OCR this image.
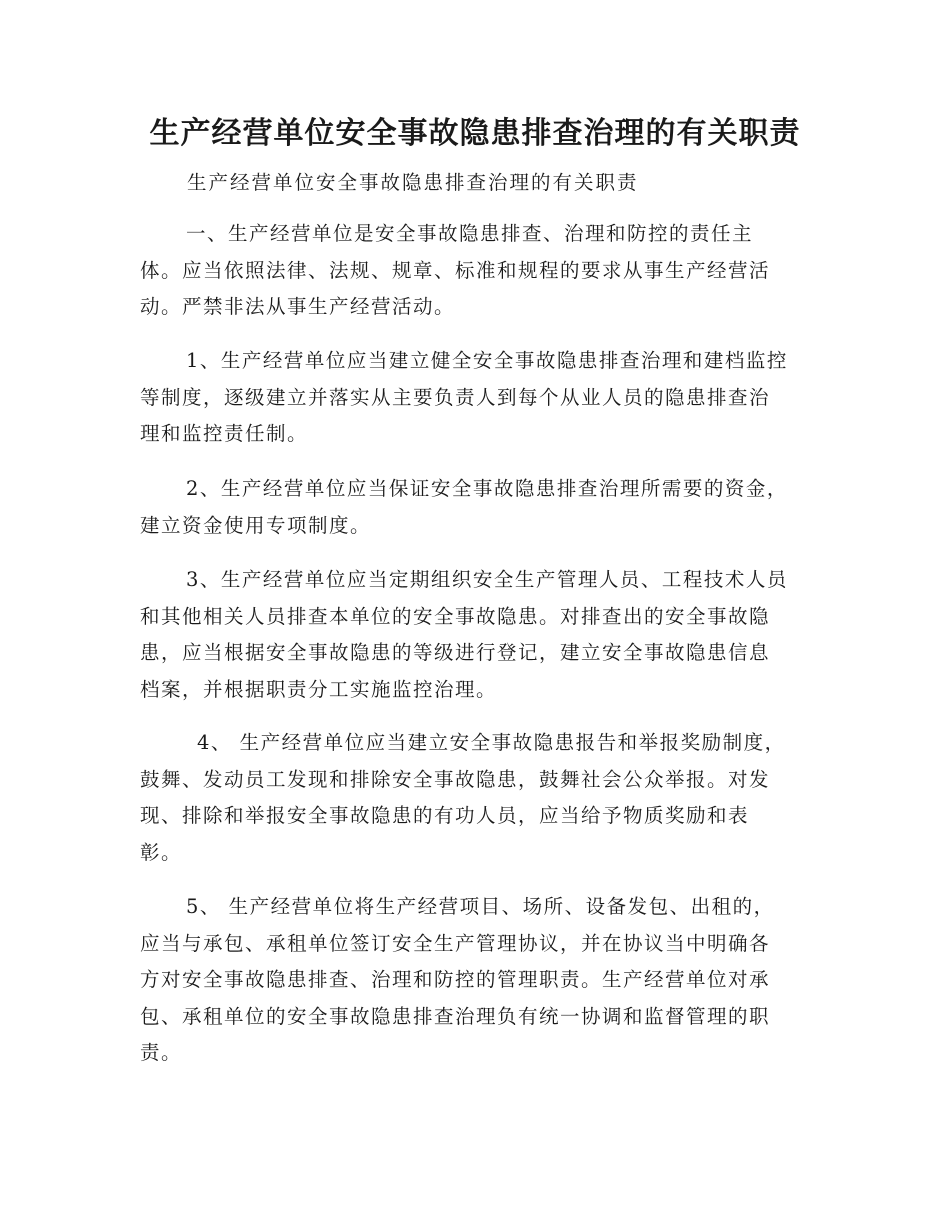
生产经营单位安全事故隐患排查治理的有关职责

生产经营单位安全事故隐患排查治理的有关职责

一、生产经营单位是安全事故隐患排查、治理和防控的责任主
体。应当依照法律、法规、规章、标准和规程的要求从事生产经营活
动。严禁非法从事生产经营活动。
1、生产经营单位应当建立健全安全事故隐患排查治理和建档监控
等制度，逐级建立并落实从主要负责人到每个从业人员的隐患排查治
理和监控责任制。
2、生产经营单位应当保证安全事故隐患排查治理所需要的资金，
建立资金使用专项制度。
3、生产经营单位应当定期组织安全生产管理人员、工程技术人员
和其他相关人员排查本单位的安全事故隐患。对排查出的安全事故隐
患，应当根据安全事故隐患的等级进行登记，建立安全事故隐患信息
档案，并根据职责分工实施监控治理。
4、 生产经营单位应当建立安全事故隐患报告和举报奖励制度，
鼓舞、发动员工发现和排除安全事故隐患，鼓舞社会公众举报。对发
现、排除和举报安全事故隐患的有功人员，应当给予物质奖励和表
彰。
5、 生产经营单位将生产经营项目、场所、设备发包、出租的，
应当与承包、承租单位签订安全生产管理协议，并在协议当中明确各
方对安全事故隐患排查、治理和防控的管理职责。生产经营单位对承
包、承租单位的安全事故隐患排查治理负有统一协调和监督管理的职
责。
